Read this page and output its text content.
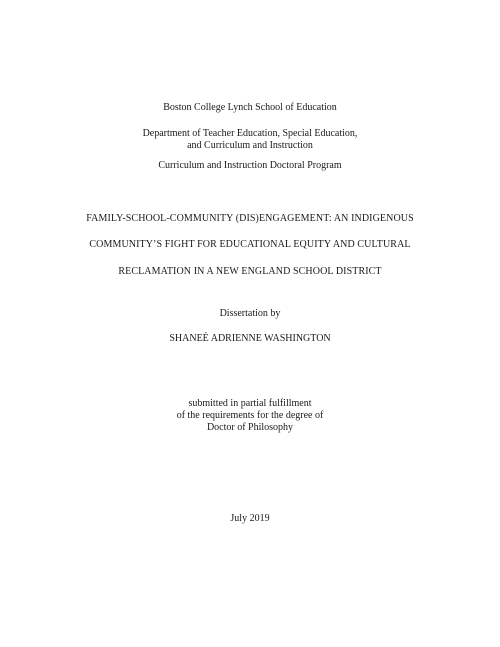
Boston College Lynch School of Education
Department of Teacher Education, Special Education,
and Curriculum and Instruction
Curriculum and Instruction Doctoral Program
FAMILY-SCHOOL-COMMUNITY (DIS)ENGAGEMENT: AN INDIGENOUS
COMMUNITY’S FIGHT FOR EDUCATIONAL EQUITY AND CULTURAL
RECLAMATION IN A NEW ENGLAND SCHOOL DISTRICT
Dissertation by
SHANEÉ ADRIENNE WASHINGTON
submitted in partial fulfillment
of the requirements for the degree of
Doctor of Philosophy
July 2019
